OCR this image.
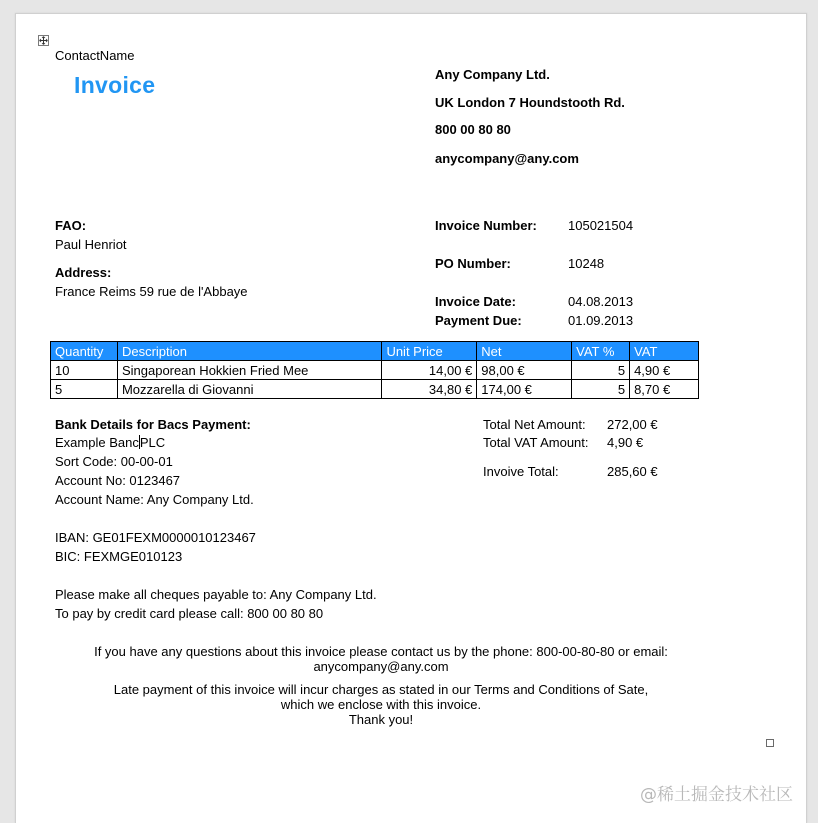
ContactName
Invoice	Any Company Ltd.
UK London 7 Houndstooth Rd.
800 00 80 80
anycompany@any.com
FAO:
Paul Henriot
Address:
France Reims 59 rue de l'Abbaye
Invoice Number: 105021504
PO Number:	10248
Invoice Date:	04.08.2013
Payment Due:	01.09.2013
Quantity	Description	Unit Price	Net	VAT %	VAT
10	Singaporean Hokkien Fried Mee	14,00 €	98,00 €	5	4,90 €
5	Mozzarella di Giovanni	34,80 €	174,00 €	5	8,70 €
Bank Details for Bacs Payment:
Example BancPLC
Sort Code: 00-00-01
Account No: 0123467
Account Name: Any Company Ltd.
IBAN: GE01FEXM0000010123467
BIC: FEXMGE010123
Please make all cheques payable to: Any Company Ltd.
To pay by credit card please call: 800 00 80 80
Total Net Amount: 272,00 €
Total VAT Amount: 4,90 €
Invoive Total:	285,60 €
If you have any questions about this invoice please contact us by the phone: 800-00-80-80 or email:
anycompany@any.com
Late payment of this invoice will incur charges as stated in our Terms and Conditions of Sate,
which we enclose with this invoice.
Thank you!
@稀土掘金技术社区
